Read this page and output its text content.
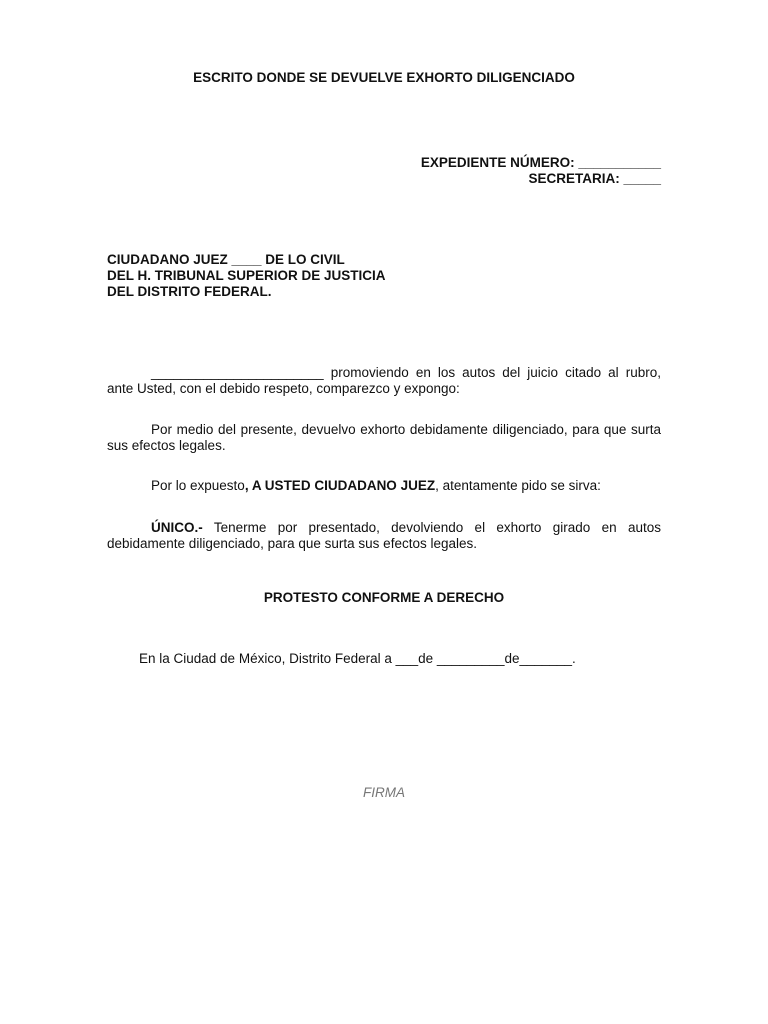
ESCRITO DONDE SE DEVUELVE EXHORTO DILIGENCIADO
EXPEDIENTE NÚMERO: ___________
SECRETARIA: _____
CIUDADANO JUEZ ____ DE LO CIVIL
DEL H. TRIBUNAL SUPERIOR DE JUSTICIA
DEL DISTRITO FEDERAL.
_______________________ promoviendo en los autos del juicio citado al rubro, ante Usted, con el debido respeto, comparezco y expongo:
Por medio del presente, devuelvo exhorto debidamente diligenciado, para que surta sus efectos legales.
Por lo expuesto, A USTED CIUDADANO JUEZ, atentamente pido se sirva:
ÚNICO.- Tenerme por presentado, devolviendo el exhorto girado en autos debidamente diligenciado, para que surta sus efectos legales.
PROTESTO CONFORME A DERECHO
En la Ciudad de México, Distrito Federal a ___de _________de_______.
FIRMA
